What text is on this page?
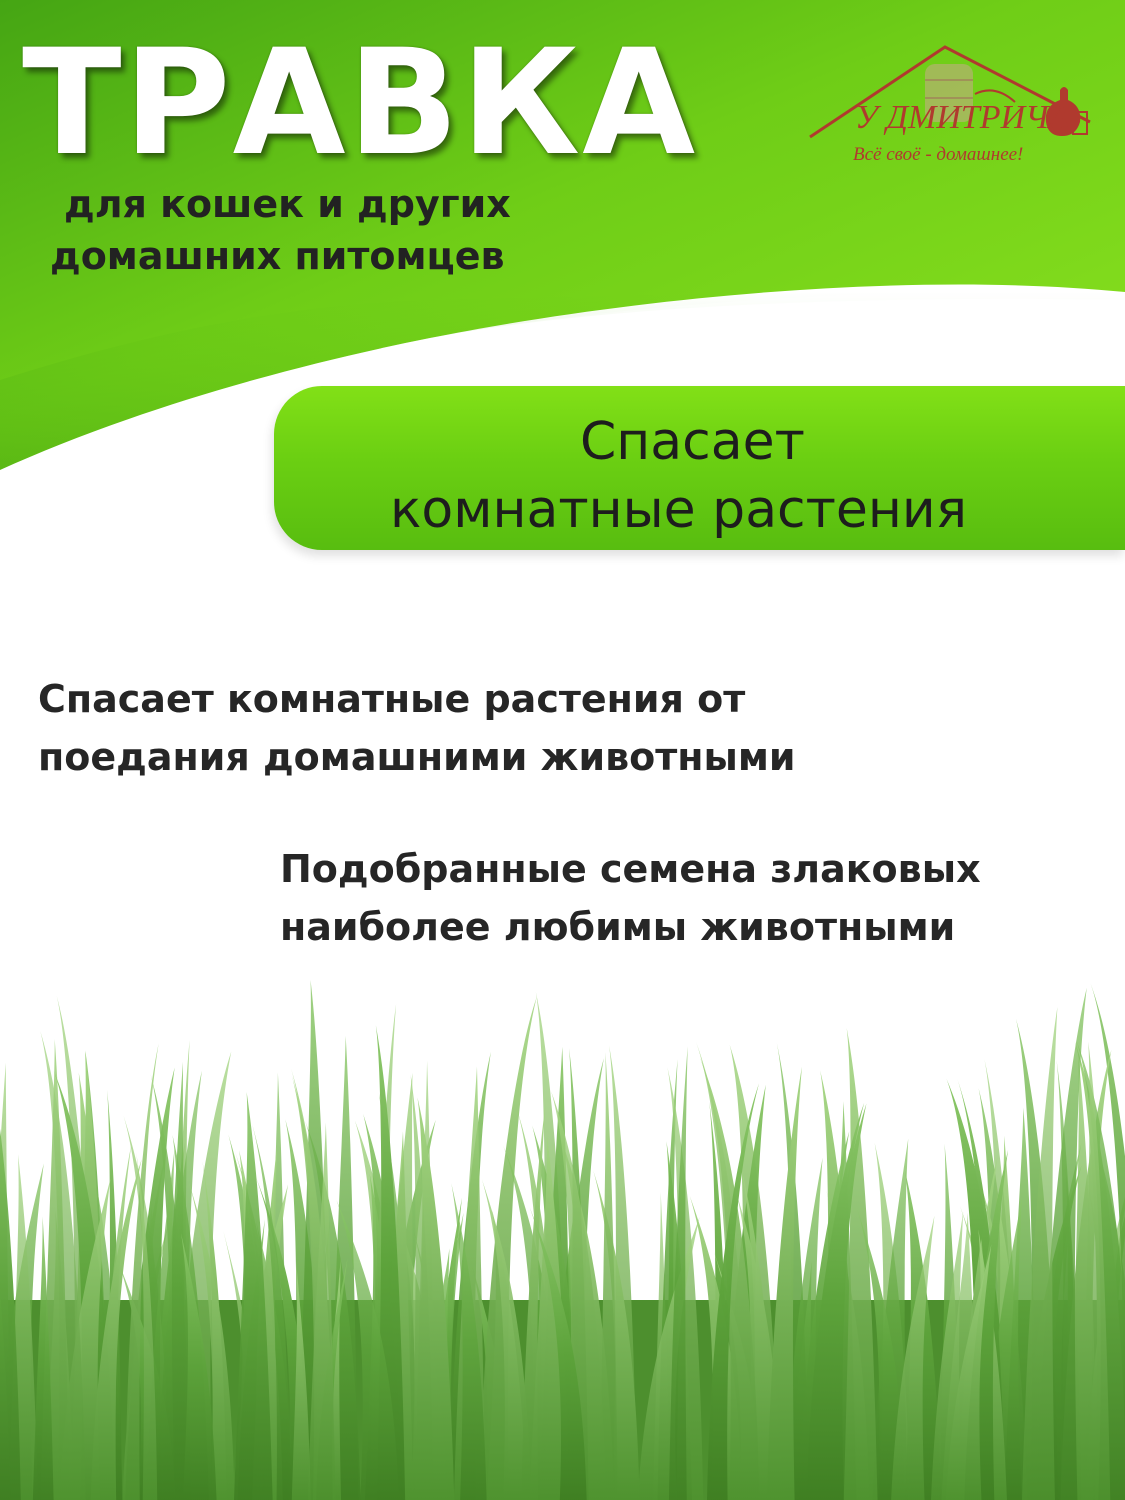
ТРАВКА
для кошек и других
домашних питомцев
У ДМИТРИЧА
Всё своё - домашнее!
Спасает
комнатные растения
Спасает комнатные растения от
поедания домашними животными
Подобранные семена злаковых
наиболее любимы животными
